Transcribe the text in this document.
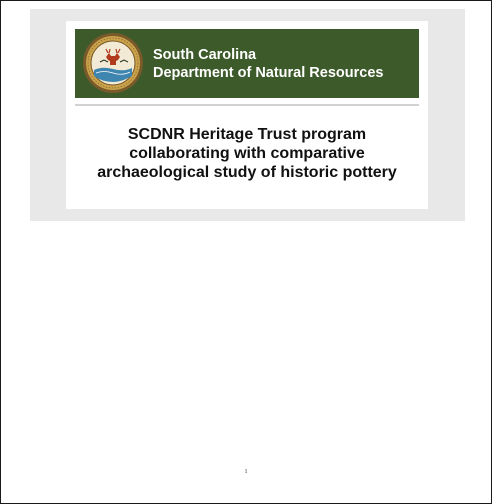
South Carolina
Department of Natural Resources
SCDNR Heritage Trust program
collaborating with comparative
archaeological study of historic pottery
1
